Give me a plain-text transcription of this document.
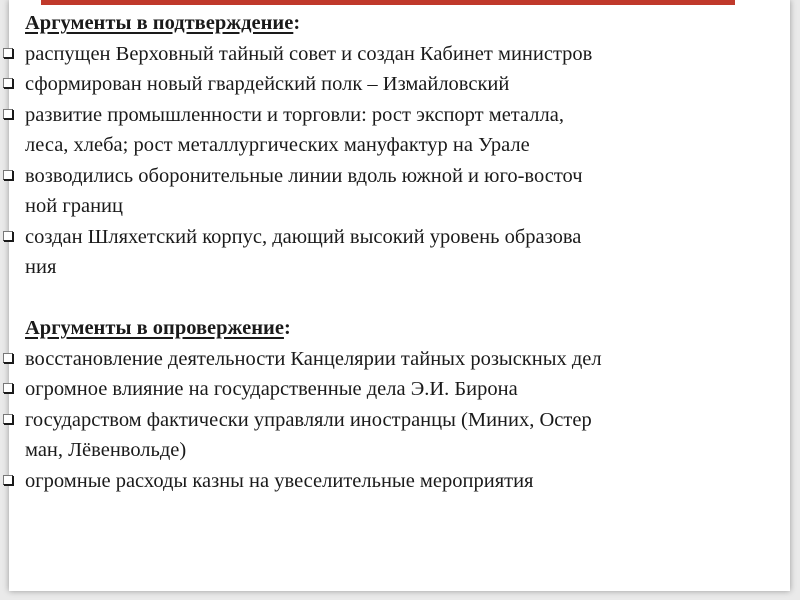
Аргументы в подтверждение:
распущен Верховный тайный совет и создан Кабинет министров
сформирован новый гвардейский полк – Измайловский
развитие промышленности и торговли: рост экспорт металла,
леса, хлеба; рост металлургических мануфактур на Урале
возводились оборонительные линии вдоль южной и юго-восточ
ной границ
создан Шляхетский корпус, дающий высокий уровень образова
ния
Аргументы в опровержение:
восстановление деятельности Канцелярии тайных розыскных дел
огромное влияние на государственные дела Э.И. Бирона
государством фактически управляли иностранцы (Миних, Остер
ман, Лёвенвольде)
огромные расходы казны на увеселительные мероприятия
